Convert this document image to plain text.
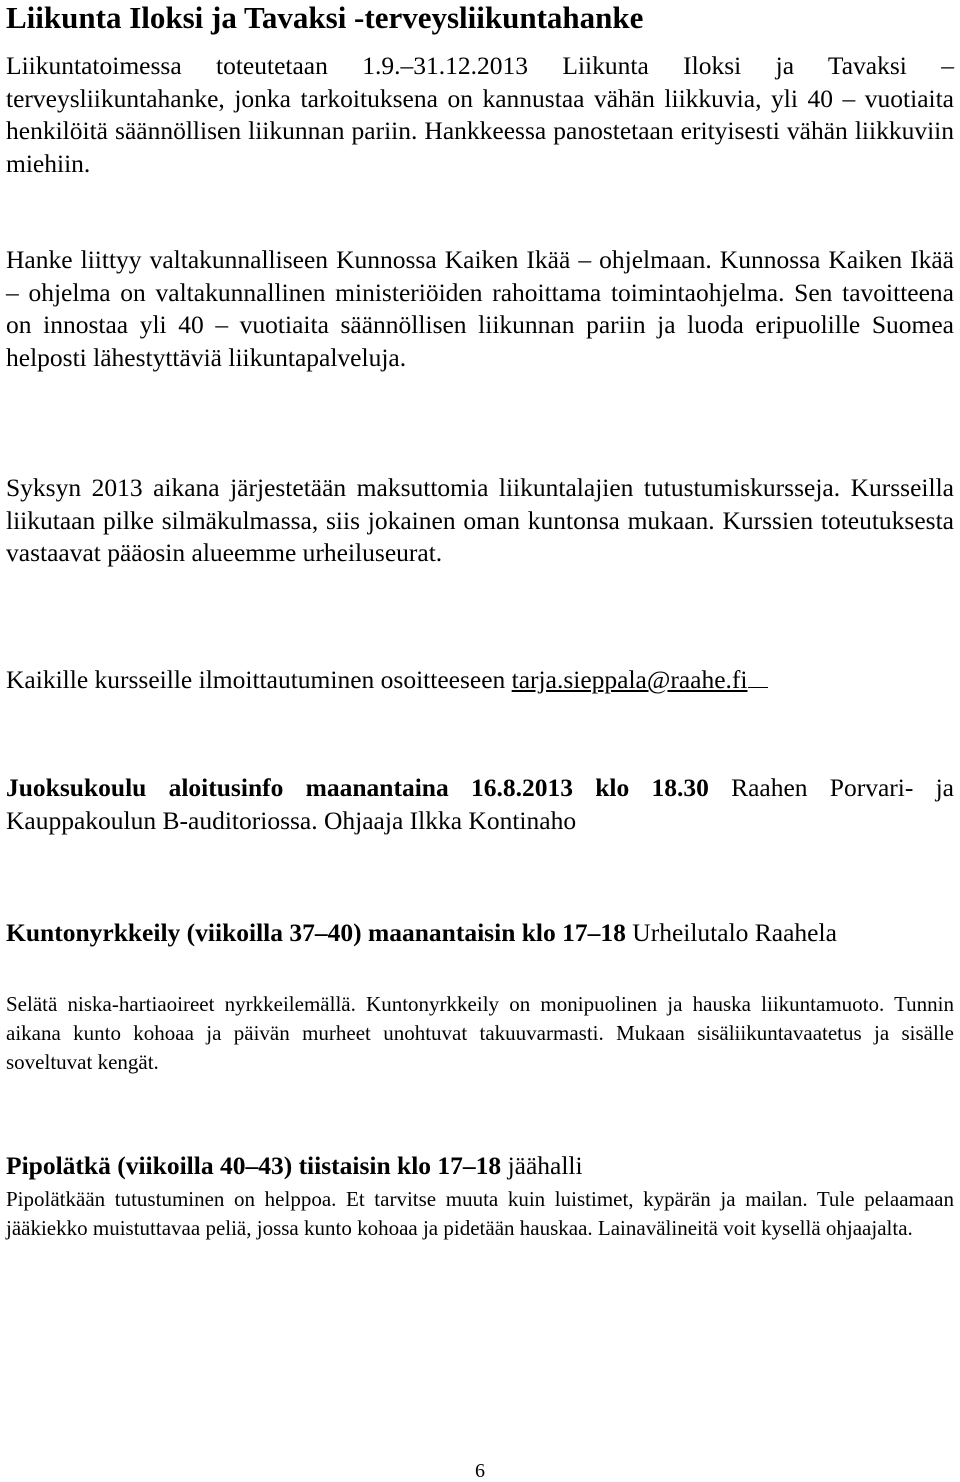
Liikunta Iloksi ja Tavaksi -terveysliikuntahanke

Liikuntatoimessa toteutetaan 1.9.–31.12.2013 Liikunta Iloksi ja Tavaksi – terveysliikuntahanke, jonka tarkoituksena on kannustaa vähän liikkuvia, yli 40 – vuotiaita henkilöitä säännöllisen liikunnan pariin. Hankkeessa panostetaan erityisesti vähän liikkuviin miehiin.

Hanke liittyy valtakunnalliseen Kunnossa Kaiken Ikää – ohjelmaan. Kunnossa Kaiken Ikää – ohjelma on valtakunnallinen ministeriöiden rahoittama toimintaohjelma. Sen tavoitteena on innostaa yli 40 – vuotiaita säännöllisen liikunnan pariin ja luoda eripuolille Suomea helposti lähestyttäviä liikuntapalveluja.

Syksyn 2013 aikana järjestetään maksuttomia liikuntalajien tutustumiskursseja. Kursseilla liikutaan pilke silmäkulmassa, siis jokainen oman kuntonsa mukaan. Kurssien toteutuksesta vastaavat pääosin alueemme urheiluseurat.

Kaikille kursseille ilmoittautuminen osoitteeseen tarja.sieppala@raahe.fi

Juoksukoulu aloitusinfo maanantaina 16.8.2013 klo 18.30 Raahen Porvari- ja Kauppakoulun B-auditoriossa. Ohjaaja Ilkka Kontinaho

Kuntonyrkkeily (viikoilla 37–40) maanantaisin klo 17–18 Urheilutalo Raahela

Selätä niska-hartiaoireet nyrkkeilemällä. Kuntonyrkkeily on monipuolinen ja hauska liikuntamuoto. Tunnin aikana kunto kohoaa ja päivän murheet unohtuvat takuuvarmasti. Mukaan sisäliikuntavaatetus ja sisälle soveltuvat kengät.

Pipolätkä (viikoilla 40–43) tiistaisin klo 17–18 jäähalli

Pipolätkään tutustuminen on helppoa. Et tarvitse muuta kuin luistimet, kypärän ja mailan. Tule pelaamaan jääkiekko muistuttavaa peliä, jossa kunto kohoaa ja pidetään hauskaa. Lainavälineitä voit kysellä ohjaajalta.

6
